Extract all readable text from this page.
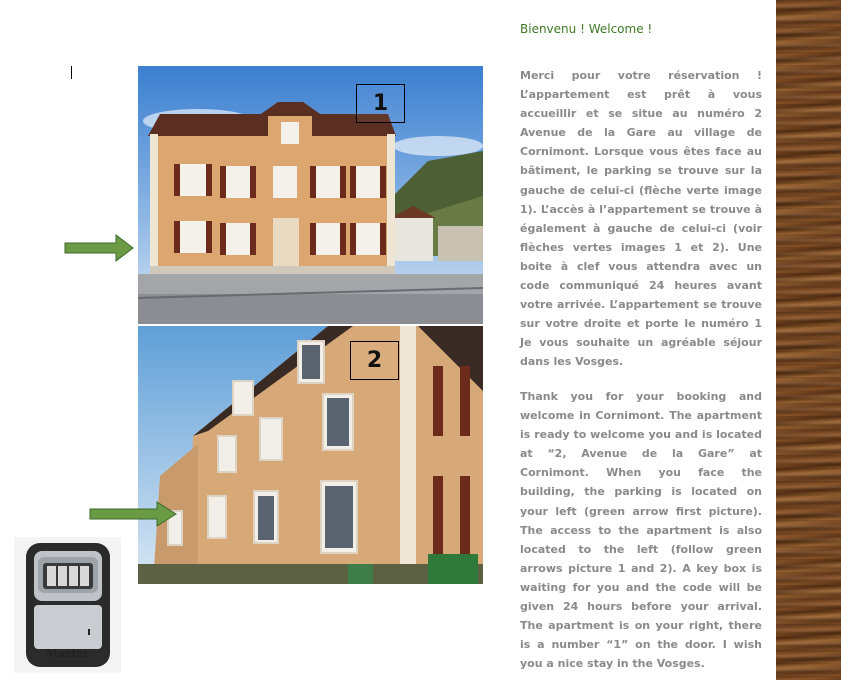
1
2
Master
Bienvenu ! Welcome !

Merci pour votre réservation ! L’appartement est prêt à vous accueillir et se situe au numéro 2 Avenue de la Gare au village de Cornimont. Lorsque vous êtes face au bâtiment, le parking se trouve sur la gauche de celui-ci (flèche verte image 1). L’accès à l’appartement se trouve à également à gauche de celui-ci (voir flèches vertes images 1 et 2). Une boite à clef vous attendra avec un code communiqué 24 heures avant votre arrivée. L’appartement se trouve sur votre droite et porte le numéro 1 Je vous souhaite un agréable séjour dans les Vosges.

Thank you for your booking and welcome in Cornimont. The apartment is ready to welcome you and is located at “2, Avenue de la Gare” at Cornimont. When you face the building, the parking is located on your left (green arrow first picture). The access to the apartment is also located to the left (follow green arrows picture 1 and 2). A key box is waiting for you and the code will be given 24 hours before your arrival. The apartment is on your right, there is a number “1” on the door. I wish you a nice stay in the Vosges.
